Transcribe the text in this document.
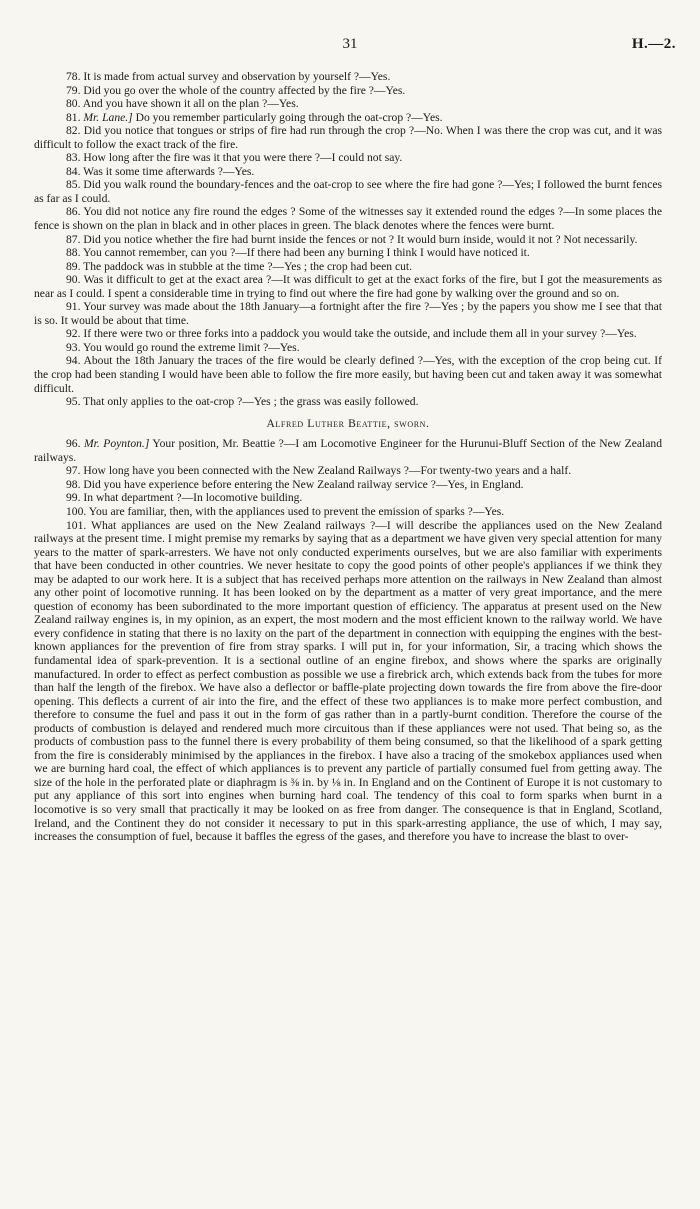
31	H.—2.

78. It is made from actual survey and observation by yourself ?—Yes.

79. Did you go over the whole of the country affected by the fire ?—Yes.

80. And you have shown it all on the plan ?—Yes.

81. Mr. Lane.] Do you remember particularly going through the oat-crop ?—Yes.

82. Did you notice that tongues or strips of fire had run through the crop ?—No. When I was there the crop was cut, and it was difficult to follow the exact track of the fire.

83. How long after the fire was it that you were there ?—I could not say.

84. Was it some time afterwards ?—Yes.

85. Did you walk round the boundary-fences and the oat-crop to see where the fire had gone ?—Yes; I followed the burnt fences as far as I could.

86. You did not notice any fire round the edges ? Some of the witnesses say it extended round the edges ?—In some places the fence is shown on the plan in black and in other places in green. The black denotes where the fences were burnt.

87. Did you notice whether the fire had burnt inside the fences or not ? It would burn inside, would it not ? Not necessarily.

88. You cannot remember, can you ?—If there had been any burning I think I would have noticed it.

89. The paddock was in stubble at the time ?—Yes ; the crop had been cut.

90. Was it difficult to get at the exact area ?—It was difficult to get at the exact forks of the fire, but I got the measurements as near as I could. I spent a considerable time in trying to find out where the fire had gone by walking over the ground and so on.

91. Your survey was made about the 18th January—a fortnight after the fire ?—Yes ; by the papers you show me I see that that is so. It would be about that time.

92. If there were two or three forks into a paddock you would take the outside, and include them all in your survey ?—Yes.

93. You would go round the extreme limit ?—Yes.

94. About the 18th January the traces of the fire would be clearly defined ?—Yes, with the exception of the crop being cut. If the crop had been standing I would have been able to follow the fire more easily, but having been cut and taken away it was somewhat difficult.

95. That only applies to the oat-crop ?—Yes ; the grass was easily followed.

Alfred Luther Beattie, sworn.

96. Mr. Poynton.] Your position, Mr. Beattie ?—I am Locomotive Engineer for the Hurunui-Bluff Section of the New Zealand railways.

97. How long have you been connected with the New Zealand Railways ?—For twenty-two years and a half.

98. Did you have experience before entering the New Zealand railway service ?—Yes, in England.

99. In what department ?—In locomotive building.

100. You are familiar, then, with the appliances used to prevent the emission of sparks ?—Yes.

101. What appliances are used on the New Zealand railways ?—I will describe the appliances used on the New Zealand railways at the present time. I might premise my remarks by saying that as a department we have given very special attention for many years to the matter of spark-arresters. We have not only conducted experiments ourselves, but we are also familiar with experiments that have been conducted in other countries. We never hesitate to copy the good points of other people's appliances if we think they may be adapted to our work here. It is a subject that has received perhaps more attention on the railways in New Zealand than almost any other point of locomotive running. It has been looked on by the department as a matter of very great importance, and the mere question of economy has been subordinated to the more important question of efficiency. The apparatus at present used on the New Zealand railway engines is, in my opinion, as an expert, the most modern and the most efficient known to the railway world. We have every confidence in stating that there is no laxity on the part of the department in connection with equipping the engines with the best-known appliances for the prevention of fire from stray sparks. I will put in, for your information, Sir, a tracing which shows the fundamental idea of spark-prevention. It is a sectional outline of an engine firebox, and shows where the sparks are originally manufactured. In order to effect as perfect combustion as possible we use a firebrick arch, which extends back from the tubes for more than half the length of the firebox. We have also a deflector or baffle-plate projecting down towards the fire from above the fire-door opening. This deflects a current of air into the fire, and the effect of these two appliances is to make more perfect combustion, and therefore to consume the fuel and pass it out in the form of gas rather than in a partly-burnt condition. Therefore the course of the products of combustion is delayed and rendered much more circuitous than if these appliances were not used. That being so, as the products of combustion pass to the funnel there is every probability of them being consumed, so that the likelihood of a spark getting from the fire is considerably minimised by the appliances in the firebox. I have also a tracing of the smokebox appliances used when we are burning hard coal, the effect of which appliances is to prevent any particle of partially consumed fuel from getting away. The size of the hole in the perforated plate or diaphragm is ⅜ in. by ⅛ in. In England and on the Continent of Europe it is not customary to put any appliance of this sort into engines when burning hard coal. The tendency of this coal to form sparks when burnt in a locomotive is so very small that practically it may be looked on as free from danger. The consequence is that in England, Scotland, Ireland, and the Continent they do not consider it necessary to put in this spark-arresting appliance, the use of which, I may say, increases the consumption of fuel, because it baffles the egress of the gases, and therefore you have to increase the blast to over-
